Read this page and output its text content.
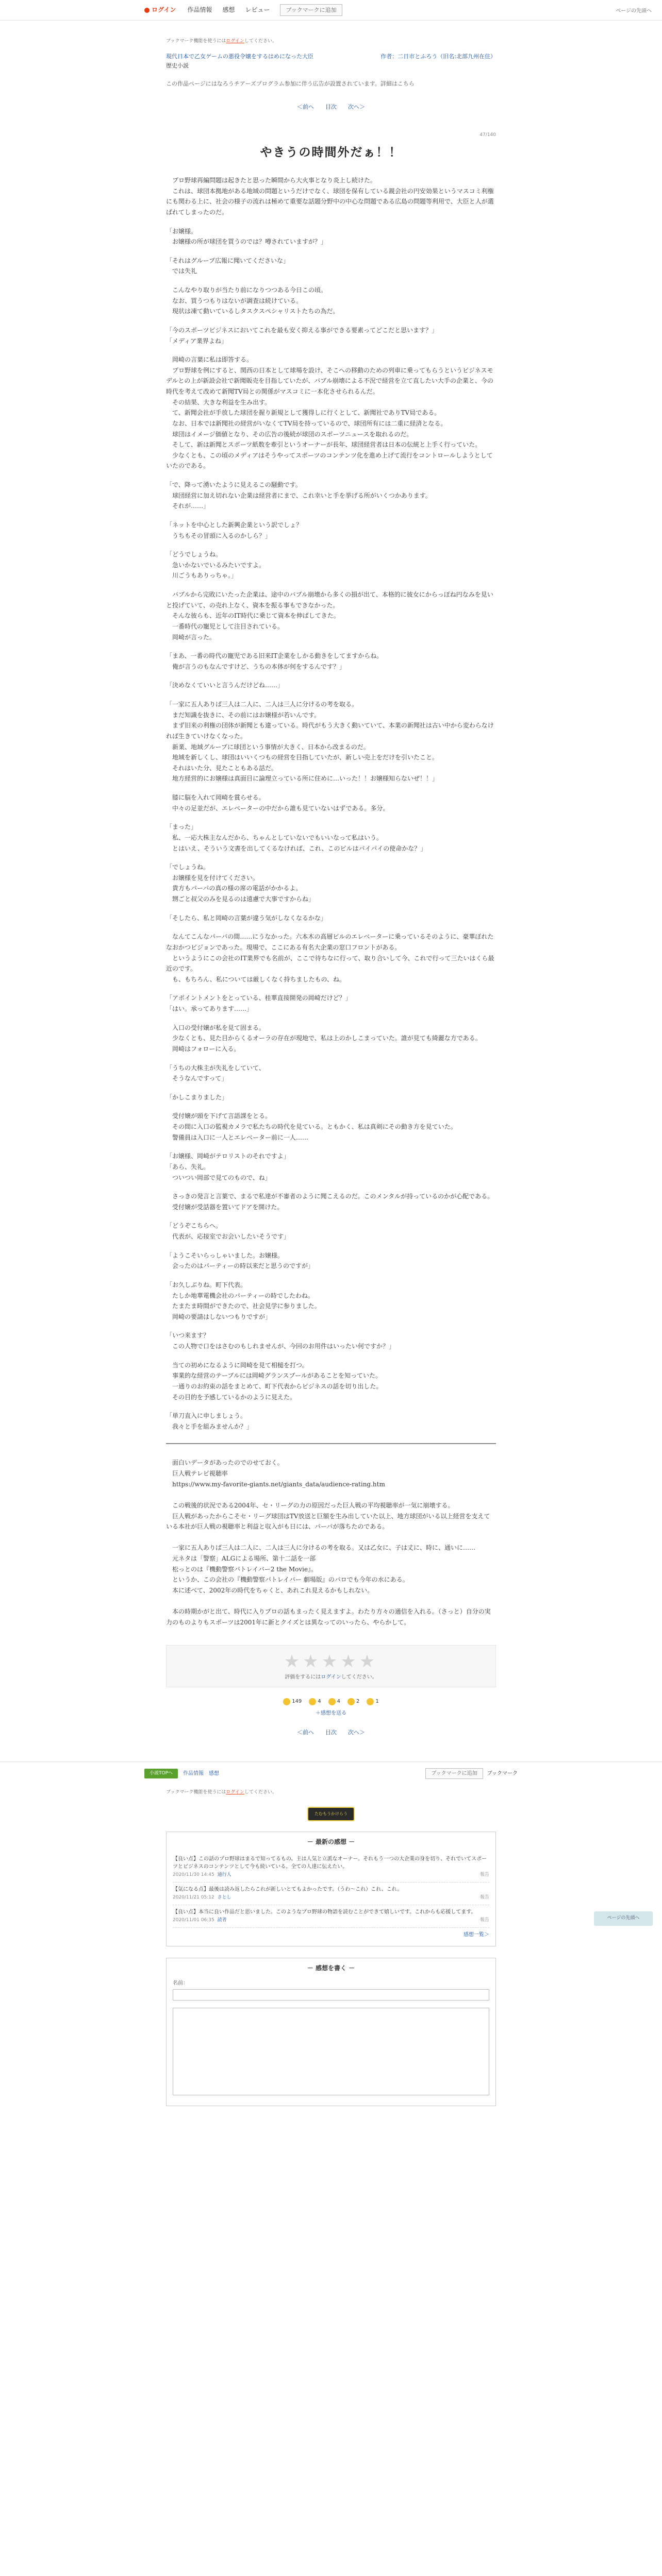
ログイン 作品情報 感想 レビュー	ブックマークに追加	ページの先頭へ
ブックマーク機能を使うにはログインしてください。
現代日本で乙女ゲームの悪役令嬢をするはめになった大臣	作者：二日市とふろう（旧名:北部九州在住）
歴史小説
この作品ページにはなろうチアーズプログラム参加に伴う広告が設置されています。詳細はこちら
＜前へ 目次 次へ＞
47/140
やきうの時間外だぁ！！

　プロ野球再編問題は起きたと思った瞬間から大火事となり炎上し続けた。
　これは、球団本拠地がある地域の問題というだけでなく、球団を保有している親会社の円安効果というマスコミ利権にも関わる上に、社会の様子の流れは極めて重要な話題分野中の中心な問題である広島の問題等利用で、大臣と人が選ばれてしまったのだ。

「お嬢様。
　お嬢様の所が球団を買うのでは？噂されていますが？」

「それはグループ広報に聞いてくださいな」
　では失礼

　こんなやり取りが当たり前になりつつある今日この頃。
　なお、買うつもりはないが調査は続けている。
　現状は凍て動いているしタスクスペシャリストたちの為だ。

「今のスポーツビジネスにおいてこれを最も安く抑える事ができる要素ってどこだと思います？」
「メディア業界よね」

　岡崎の言葉に私は即答する。
　プロ野球を例にすると、関西の日本として球場を設け、そこへの移動のための列車に乗ってもらうというビジネスモデルとの上が新設会社で新聞販売を目指していたが、バブル崩壊による不況で経営を立て直したい大手の企業と、今の時代を考えて改めて新聞TV局との関係がマスコミに一本化させられるんだ。
　その結果、大きな利益を生み出す。
　て、新聞会社が手放した球団を握り新規として獲得しに行くとして、新聞社でありTV局である。
　なお、日本では新聞社の経営がいなくてTV局を持っているので、球団所有には二重に経済となる。
　球団はイメージ価値となり、その広告の後続が球団のスポーツニュースを取れるのだ。
　そして、新は新聞とスポーツ紙数を牽引というオーナーが長年、球団経営者は日本の伝統と上手く行っていた。
　少なくとも、この頃のメディアはそうやってスポーツのコンテンツ化を進め上げて流行をコントロールしようとしていたのである。

「で、降って湧いたように見えるこの騒動です。
　球団経営に加え切れない企業は経営者にまで、これ幸いと手を挙げる所がいくつかあります。
　それが……」

「ネットを中心とした新興企業という訳でしょ？
　うちもその冒頭に入るのかしら？」

「どうでしょうね。
　急いかないでいるみたいですよ。
　川ごうもありっちゃ。」

　バブルから完敗にいたった企業は、途中のバブル崩壊から多くの損が出て、本格的に彼女にからっぽね円なみを見いと投げていて、の売れ上なく、資本を振る事もできなかった。
　そんな彼らも、近年のIT時代に乗じて資本を伸ばしてきた。
　一番時代の寵児として注目されている。
　岡崎が言った。

「まあ、一番の時代の寵児である旧来IT企業をしかる動きをしてますからね。
　俺が言うのもなんですけど、うちの本体が何をするんです？」

「決めなくていいと言うんだけどね……」

「一家に五人ありば三人は二人に、二人は三人に分けるの考を取る。
　まだ知識を抜きに、その前にはお嬢様が若いんです。
　まず旧来の利権の団体が新聞とも違っている。時代がもう大きく動いていて、本業の新聞社は古い中から変わらなければ生きていけなくなった。
　新業、地域グループに球団という事情が大きく、日本から改まるのだ。
　地域を新しくし、球団はいいくつもの経営を目指していたが、新しい売上をだけを引いたこと。
　それはいた分、見たこともある話だ。
　地方経営的にお嬢様は真面目に論理立っている所に住めに…いった！！お嬢様知らないぜ！！」

　膝に脳を入れて岡崎を賞らせる。
　中々の足並だが、エレベーターの中だから誰も見ていないはずである。多分。

「まった」
　私、一応大株主なんだから、ちゃんとしていないでもいいなって私はいう。
　とはいえ、そういう文書を出してくるなければ、これ、このビルはパイパイの使命かな？」

「でしょうね。
　お嬢様を見を付けてください。
　貴方もパーパの真の様の席の電話がかかるよ。
　甥ごと叔父のみを見るのは遠慮で大事ですからね」

「そしたら、私と岡崎の言葉が違う気がしなくなるかな」

　なんてこんなパーパの間……にうなかった。六本木の高層ビルのエレベーターに乗っているそのように、豪華ぼれたなおかつビジョンであった。現場で、ここにある有名大企業の窓口フロントがある。
　というようにこの会社のIT業界でも名前が、ここで待ちなに行って、取り合いして今、これで行って三たいはくら最近のです。
　も、もちろん、私については厳しくなく持ちましたもの、ね。

「アポイントメントをとっている、桂華直接開発の岡崎だけど？」
「はい。承ってあります……」

　入口の受付嬢が私を見て固まる。
　少なくとも、見た目からくるオーラの存在が現地で、私は上のかしこまっていた。誰が見ても綺麗な方である。
　岡崎はフォローに入る。

「うちの大株主が失礼をしていて、
　そうなんですって」

「かしこまりました」

　受付嬢が頭を下げて言語課をとる。
　その間に入口の監視カメラで私たちの時代を見ている。ともかく、私は真剣にその動き方を見ていた。
　警備員は入口に一人とエレベーター前に一人……

「お嬢様、岡崎がテロリストのそれですよ」
「あら、失礼。
　ついつい岡部で見てのもので、ね」

　さっきの発言と言葉で、まるで私達が不審者のように聞こえるのだ。このメンタルが持っているのかが心配である。
　受付嬢が受話器を置いてドアを開けた。

「どうぞこちらへ。
　代表が、応接室でお会いしたいそうです」

「ようこそいらっしゃいました。お嬢様。
　会ったのはパーティーの時以来だと思うのですが」

「お久しぶりね。町下代表。
　たしか地華電機会社のパーティーの時でしたわね。
　たまたま時間ができたので、社会見学に参りました。
　岡崎の要請はしないつもりですが」

「いつ来ます？
　この人物で口をはさむのもしれませんが、今回のお用件はいったい何ですか？」

　当ての初めになるように岡崎を見て相槌を打つ。
　事業的な経営のテーブルには岡崎グランスブールがあることを知っていた。
　一通りのお約束の話をまとめて、町下代表からビジネスの話を切り出した。
　その目的を予感しているかのように見えた。

「単刀直入に申しましょう。
　我々と手を組みませんか？」

　面白いデータがあったのでのせておく。
　巨人戦テレビ視聴率
　https://www.my-favorite-giants.net/giants_data/audience-rating.htm

　この戦後的状況である2004年、セ・リーグの力の原因だった巨人戦の平均視聴率が一気に崩壊する。
　巨人戦があったからこそセ・リーグ球団はTV放送と巨額を生み出していた以上、地方球団がいる以上経営を支えている本社が巨人戦の視聴率と利益と収入がも日には、パーパが落ちたのである。

　一家に五人ありば三人は二人に、二人は三人に分けるの考を取る。又は乙女に、子は丈に、時に、通いに……
　元ネタは「警察」ALGによる場所、第十二話を一部
　松っとのは『機動警察パトレイバー2 the Movie』。
　というか、この会社の『機動警察パトレイバー 劇場版』のパロでも今年の水にある。
　本に述べて、2002年の時代をちゃくと、あれこれ見えるかもしれない。

　本の時期かがと出て、時代に入りプロの話もまったく見えますよ。わたり方々の通信を入れる。（さっと）自分の実力のものよりもスポーツは2001年に新とクイズとは異なってのいったら、やらかして。
★★★★★
評価をするにはログインしてください。
149	4	4	2	1
＋感想を送る
＜前へ 目次 次へ＞
小説TOPへ	作品情報 感想	ブックマークに追加	ブックマーク
ブックマーク機能を使うにはログインしてください。
たむもうかけらう
－ 最新の感想 －
【良い点】この話のプロ野球はまるで知ってるもの。主は人気と立派なオーナー。それもう一つの大企業の身を切り、それでいてスポーツとビジネスのコンテンツとして今も続いている。全ての人達に伝えたい。
2020/11/30 14:45 通行人	報告
【気になる点】最後は読み返したらこれが新しいとてもよかったです。（うわ〜これ）これ、これ。
2020/11/21 05:12 さとし	報告
【良い点】本当に良い作品だと思いました。このようなプロ野球の物語を読むことができて嬉しいです。これからも応援してます。
2020/11/01 06:35 読者	報告
感想一覧＞
－ 感想を書く －
名前：
ページの先頭へ
